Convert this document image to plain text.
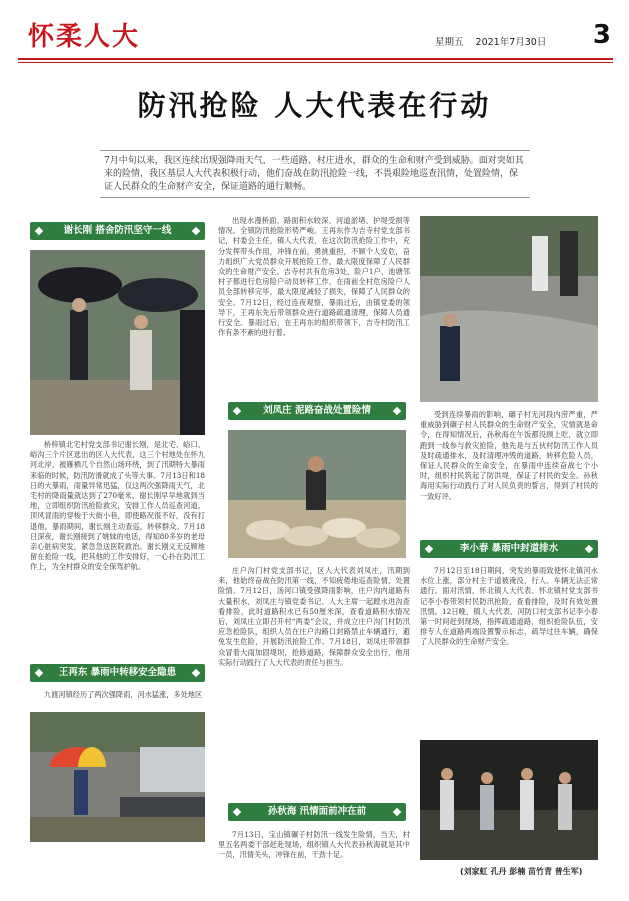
怀柔人大	星期五 2021年7月30日	3
防汛抢险 人大代表在行动
7月中旬以来，我区连续出现强降雨天气，一些道路、村庄进水，群众的生命和财产受到威胁。面对突如其来的险情，我区基层人大代表积极行动，他们奋战在防汛抢险一线，不畏艰险地巡查汛情，处置险情，保证人民群众的生命财产安全，保证道路的通行顺畅。
谢长刚 搭舍防汛坚守一线

桥梓镇北宅村党支部书记谢长刚，是北宅、峪口、峪沟三个片区选出的区人大代表，这三个村地处在怀九河北岸，被雁栖几个自然山场环绕，到了汛期特大暴雨来临的时候，防汛防滑就成了头等大事。7月13日和18日的大暴雨，雨量异常迅猛，仅这两次强降雨天气，北宅村的降雨量就达到了270毫米，谢长刚早早地就到当地，立即组织防汛抢险救灾，安排工作人员巡查河道，顶风冒雨的穿梭于大街小巷，即使路况很不好，没有打退他。暴雨期间，谢长刚主动查巡，转移群众。7月18日深夜，谢长刚接到了姚妹的电话，得知80多岁的老母亲心脏病突发，紧急急送医院救治。谢长刚义无反顾地留在抢险一线，把其他的工作安排好，一心扑在防汛工作上，为全村群众的安全保驾护航。

王再东 暴雨中转移安全隐患

九渡河镇经历了两次强降雨，河水猛涨，多处地区

出现水漫桥面、路面积水较深、河道淤堵、护堤受损等情况。全镇防汛抢险形势严峻。王再东作为吉寺村党支部书记，村委会主任，镇人大代表，在这次防汛抢险工作中，充分发挥带头作用，冲锋在前，勇挑重担，不顾个人安危，奋力组织广大党员群众开展抢险工作，最大限度保障了人民群众的生命财产安全。吉寺村共有危房3处、险户1户、池塘邻村子都进行危房险户动员转移工作，在雨前全村危房险户人员全部转移完毕，最大限度减轻了损失，保障了人民群众的安全。7月12日，经过连夜观察，暴雨过后，由镇党委的领导下，王再东先后带领群众进行道路疏通清理，保障人员通行安全。暴雨过后，在王再东的组织带领下，吉寺村防汛工作有条不紊的进行着。

刘凤庄 泥路奋战处置险情

庄户沟门村党支部书记，区人大代表刘凤庄，汛期到来，他始终奋战在防汛第一线，不知疲倦地巡查险情、处置险情。7月12日，汤河口镇受强降雨影响，庄户沟内道路有大量积水，刘凤庄与镇党委书记、人大主席一起蹚水进沟查看排险，此时道路积水已有50厘米深，查看道路积水情况后，刘凤庄立即召开村“两委”会议，并成立庄户沟门村防汛应急抢险队，组织人员在庄户沟路口封路禁止车辆通行，避免发生危险，开展防汛抢险工作。7月18日，刘凤庄带领群众冒着大雨加固堤坝，抢修道路，保障群众安全出行，他用实际行动践行了人大代表的责任与担当。

孙秋海 汛情面前冲在前

7月13日，宝山镇碾子村防汛一线发生险情，当天，村里五名两委干部赶赴现场，组织镇人大代表孙秋海就是其中一员，汛情关头，冲锋在前，干劲十足。

受到连续暴雨的影响，碾子村无河段内涝严重，严重威胁到碾子村人民群众的生命财产安全，灾情就是命令，在得知情况后，孙秋海在午饭都没顾上吃，就立即跑到一线参与救灾抢险，他先是与五伙村防汛工作人员及时疏通排水，及时清理冲毁的道路，转移危险人员，保证人民群众的生命安全，在暴雨中连续奋战七个小时，组织村民筑起了防洪堤，保证了村民的安全。孙秋海用实际行动践行了对人民负责的誓言，得到了村民的一致好评。

李小春 暴雨中封道排水

7月12日至18日期间，突发的暴雨致使怀北镇河水水位上涨，部分村主干道被淹没，行人、车辆无法正常通行。面对汛情，怀北镇人大代表、怀北镇村党支部书记李小春带领村民防汛抢险，查看排险，及时有效处置汛情。12日晚，镇人大代表、河防口村支部书记李小春第一时间赶到现场，指挥疏通道路，组织抢险队伍，安排专人在道路两端设置警示标志，疏导过往车辆，确保了人民群众的生命财产安全。

(刘家虹 孔丹 彭楠 苗竹青 普生军)
